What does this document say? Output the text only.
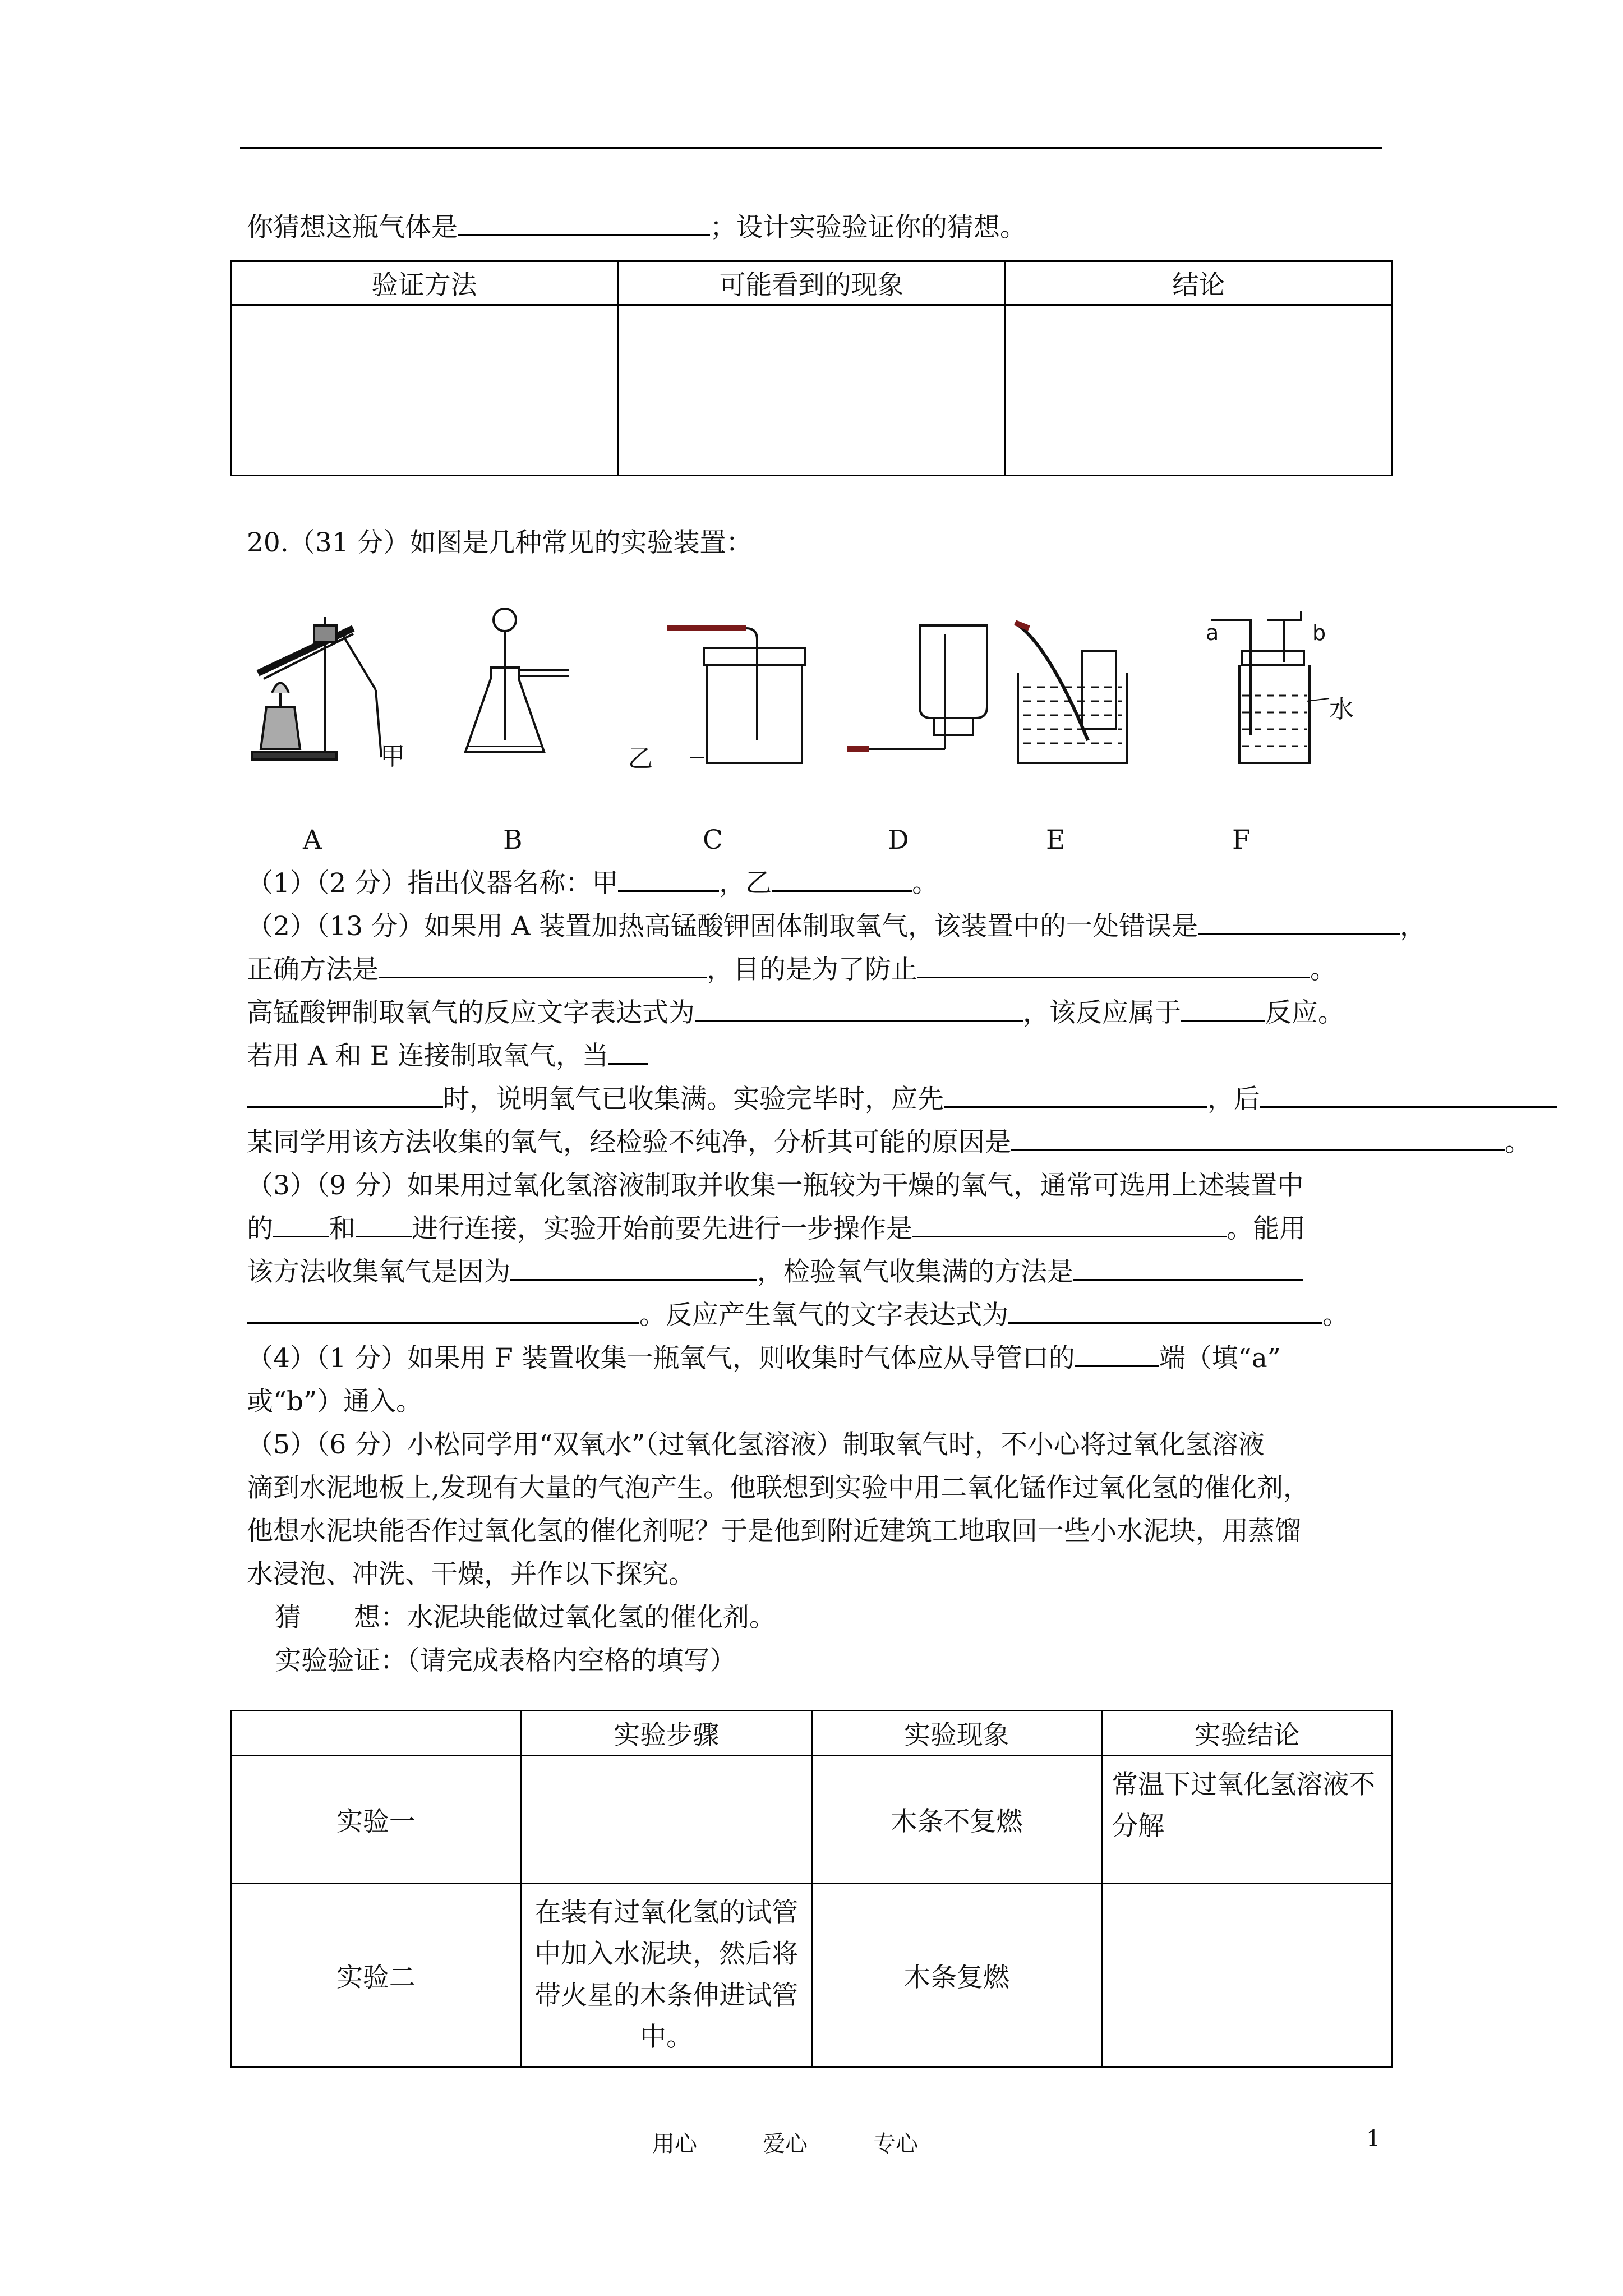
你猜想这瓶气体是	；设计实验验证你的猜想。
验证方法	可能看到的现象	结论

20.（31 分）如图是几种常见的实验装置：
甲	乙
水
a	b
A	B	C	D	E	F
（1）（2 分）指出仪器名称：甲	，乙	。
（2）（13 分）如果用 A 装置加热高锰酸钾固体制取氧气，该装置中的一处错误是	，
正确方法是	，目的是为了防止	。
高锰酸钾制取氧气的反应文字表达式为	，该反应属于	反应。
若用 A 和 E 连接制取氧气，当
时，说明氧气已收集满。实验完毕时，应先	，后
某同学用该方法收集的氧气，经检验不纯净，分析其可能的原因是	。
（3）（9 分）如果用过氧化氢溶液制取并收集一瓶较为干燥的氧气，通常可选用上述装置中
的 和 进行连接，实验开始前要先进行一步操作是	。能用
该方法收集氧气是因为	，检验氧气收集满的方法是
。反应产生氧气的文字表达式为	。
（4）（1 分）如果用 F 装置收集一瓶氧气，则收集时气体应从导管口的	端（填“a”
或“b”）通入。
（5）（6 分）小松同学用“双氧水”（过氧化氢溶液）制取氧气时，不小心将过氧化氢溶液
滴到水泥地板上,发现有大量的气泡产生。他联想到实验中用二氧化锰作过氧化氢的催化剂，
他想水泥块能否作过氧化氢的催化剂呢？于是他到附近建筑工地取回一些小水泥块，用蒸馏
水浸泡、冲洗、干燥，并作以下探究。
猜　　想：水泥块能做过氧化氢的催化剂。
实验验证：（请完成表格内空格的填写）
	实验步骤	实验现象	实验结论
实验一		木条不复燃	常温下过氧化氢溶液不分解
实验二	在装有过氧化氢的试管中加入水泥块，然后将带火星的木条伸进试管中。	木条复燃	
用心	爱心	专心	1
